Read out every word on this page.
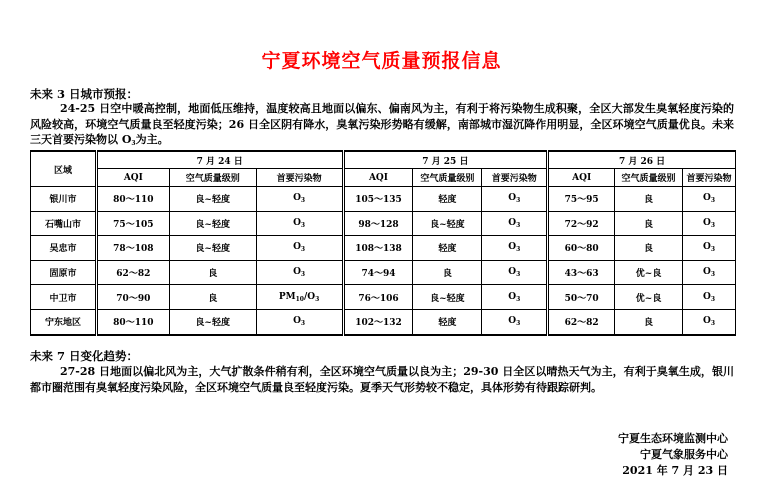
宁夏环境空气质量预报信息
未来 3 日城市预报：

24-25 日空中暖高控制，地面低压维持，温度较高且地面以偏东、偏南风为主，有利于将污染物生成积聚，全区大部发生臭氧轻度污染的风险较高，环境空气质量良至轻度污染；26 日全区阴有降水，臭氧污染形势略有缓解，南部城市湿沉降作用明显，全区环境空气质量优良。未来三天首要污染物以 $O_3$为主。

区域	7 月 24 日			7 月 25 日			7 月 26 日		
	AQI	空气质量级别	首要污染物	AQI	空气质量级别	首要污染物	AQI	空气质量级别	首要污染物
银川市	80～110	良~轻度	$O_3$	105～135	轻度	$O_3$	75～95	良	$O_3$
石嘴山市	75～105	良~轻度	$O_3$	98～128	良~轻度	$O_3$	72～92	良	$O_3$
吴忠市	78～108	良~轻度	$O_3$	108～138	轻度	$O_3$	60～80	良	$O_3$
固原市	62～82	良	$O_3$	74～94	良	$O_3$	43～63	优~良	$O_3$
中卫市	70～90	良	$PM_{10}/O_3$	76～106	良~轻度	$O_3$	50～70	优~良	$O_3$
宁东地区	80～110	良~轻度	$O_3$	102～132	轻度	$O_3$	62～82	良	$O_3$
未来 7 日变化趋势：

27-28 日地面以偏北风为主，大气扩散条件稍有利，全区环境空气质量以良为主；29-30 日全区以晴热天气为主，有利于臭氧生成，银川都市圈范围有臭氧轻度污染风险，全区环境空气质量良至轻度污染。夏季天气形势较不稳定，具体形势有待跟踪研判。

宁夏生态环境监测中心
宁夏气象服务中心
2021 年 7 月 23 日
